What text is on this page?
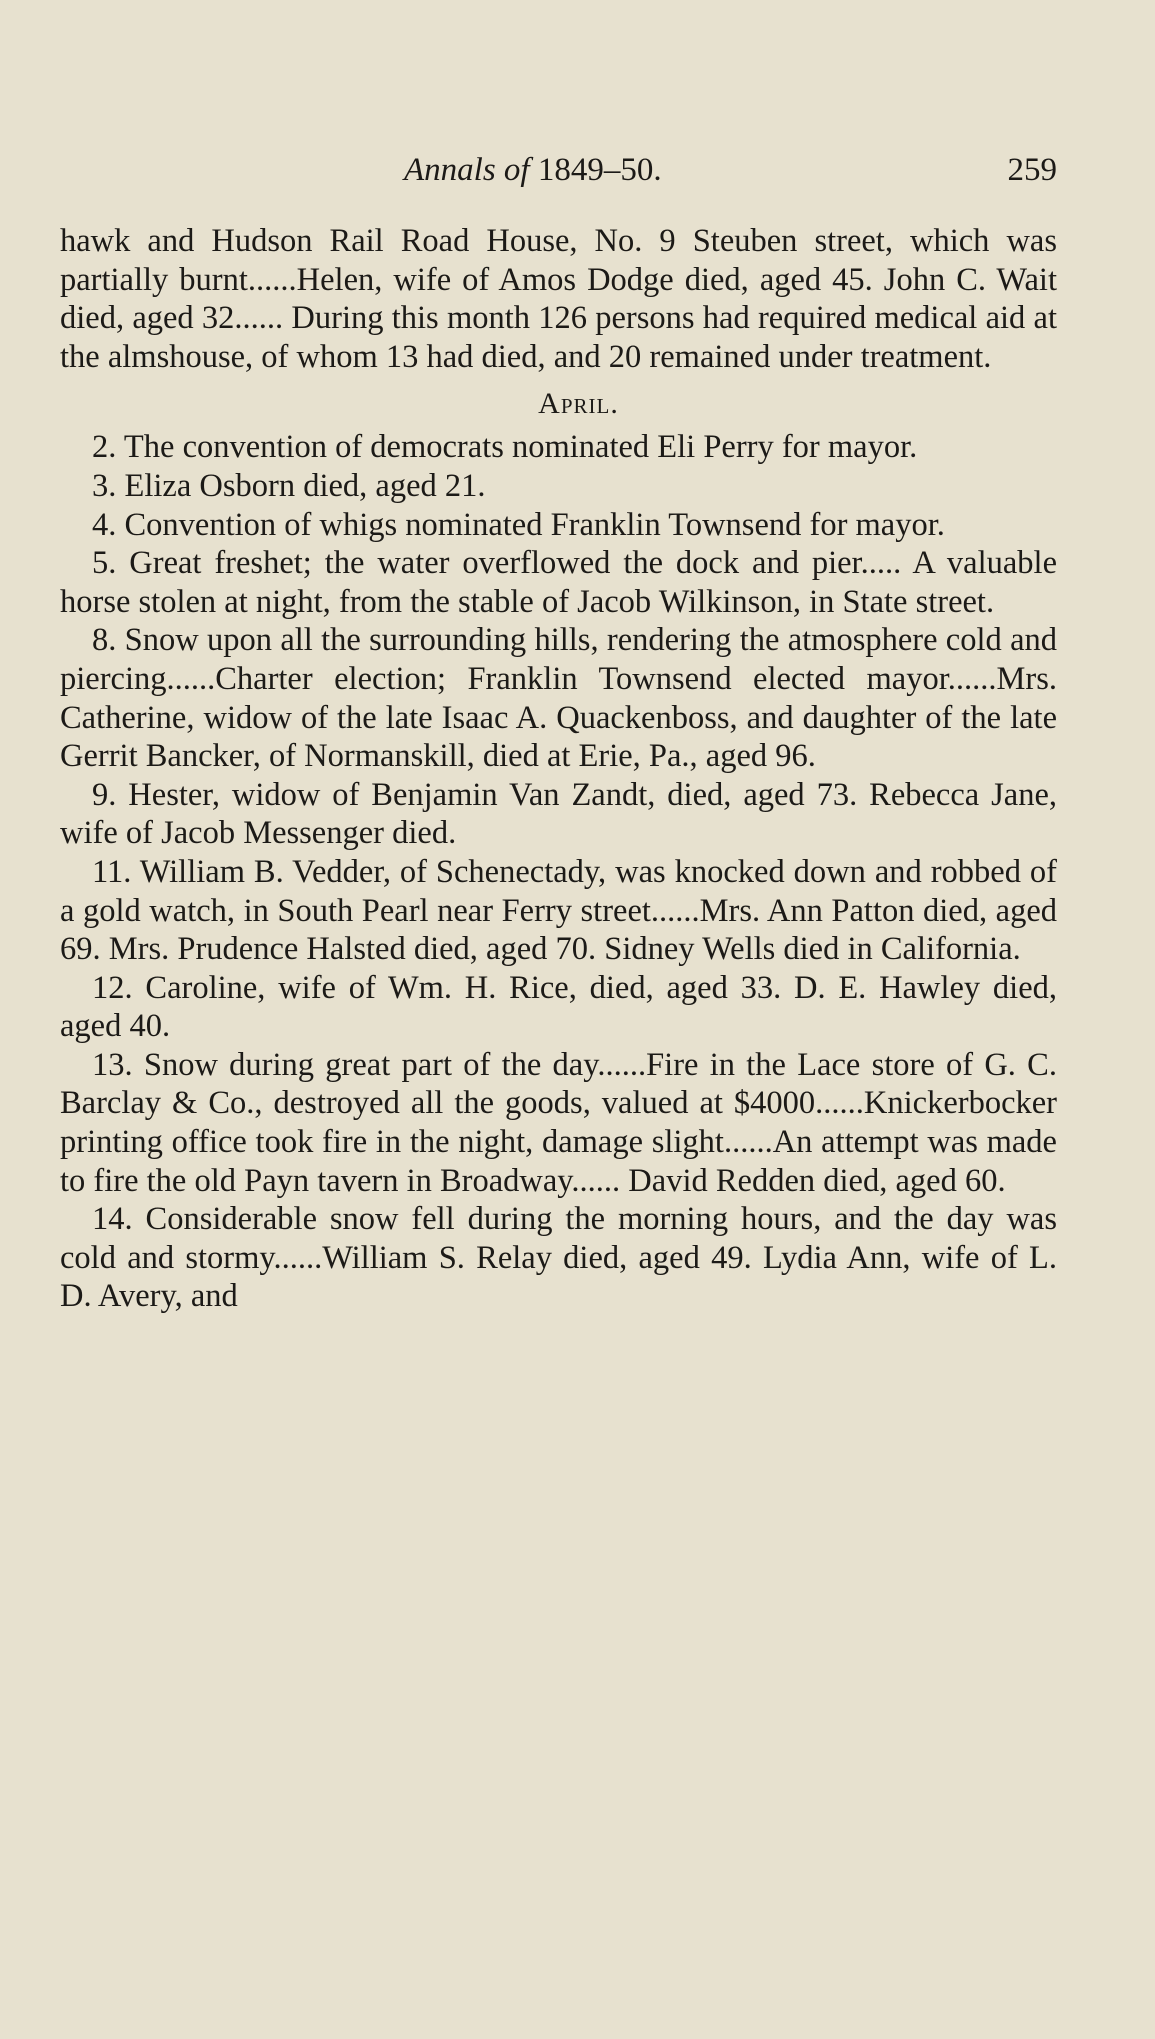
Annals of 1849–50.	259

hawk and Hudson Rail Road House, No. 9 Steuben street, which was partially burnt......Helen, wife of Amos Dodge died, aged 45. John C. Wait died, aged 32...... During this month 126 persons had required medical aid at the almshouse, of whom 13 had died, and 20 remained under treatment.

April.

2. The convention of democrats nominated Eli Perry for mayor.

3. Eliza Osborn died, aged 21.

4. Convention of whigs nominated Franklin Townsend for mayor.

5. Great freshet; the water overflowed the dock and pier..... A valuable horse stolen at night, from the stable of Jacob Wilkinson, in State street.

8. Snow upon all the surrounding hills, rendering the atmosphere cold and piercing......Charter election; Franklin Townsend elected mayor......Mrs. Catherine, widow of the late Isaac A. Quackenboss, and daughter of the late Gerrit Bancker, of Normanskill, died at Erie, Pa., aged 96.

9. Hester, widow of Benjamin Van Zandt, died, aged 73. Rebecca Jane, wife of Jacob Messenger died.

11. William B. Vedder, of Schenectady, was knocked down and robbed of a gold watch, in South Pearl near Ferry street......Mrs. Ann Patton died, aged 69. Mrs. Prudence Halsted died, aged 70. Sidney Wells died in California.

12. Caroline, wife of Wm. H. Rice, died, aged 33. D. E. Hawley died, aged 40.

13. Snow during great part of the day......Fire in the Lace store of G. C. Barclay & Co., destroyed all the goods, valued at $4000......Knickerbocker printing office took fire in the night, damage slight......An attempt was made to fire the old Payn tavern in Broadway...... David Redden died, aged 60.

14. Considerable snow fell during the morning hours, and the day was cold and stormy......William S. Relay died, aged 49. Lydia Ann, wife of L. D. Avery, and
